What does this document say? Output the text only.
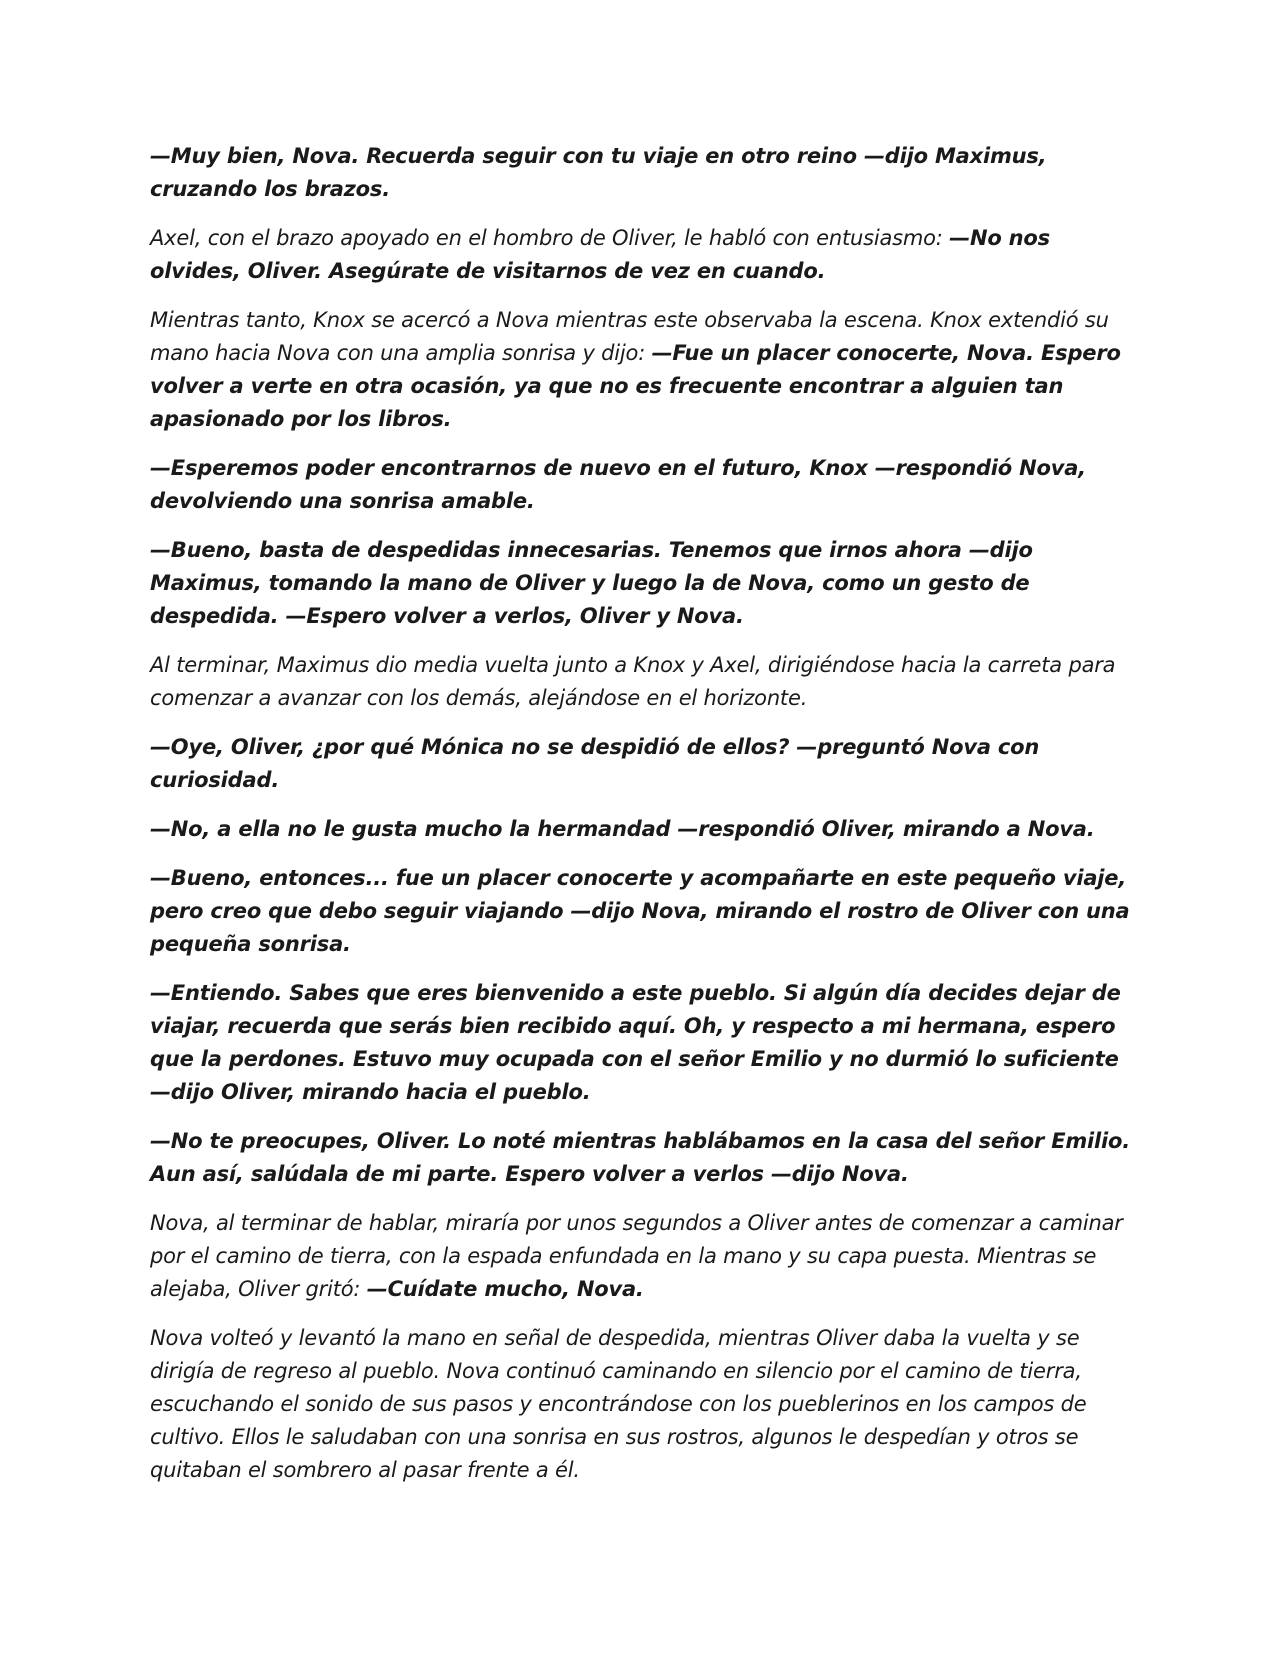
—Muy bien, Nova. Recuerda seguir con tu viaje en otro reino —dijo Maximus, cruzando los brazos.

Axel, con el brazo apoyado en el hombro de Oliver, le habló con entusiasmo: —No nos olvides, Oliver. Asegúrate de visitarnos de vez en cuando.

Mientras tanto, Knox se acercó a Nova mientras este observaba la escena. Knox extendió su mano hacia Nova con una amplia sonrisa y dijo: —Fue un placer conocerte, Nova. Espero volver a verte en otra ocasión, ya que no es frecuente encontrar a alguien tan apasionado por los libros.

—Esperemos poder encontrarnos de nuevo en el futuro, Knox —respondió Nova, devolviendo una sonrisa amable.

—Bueno, basta de despedidas innecesarias. Tenemos que irnos ahora —dijo Maximus, tomando la mano de Oliver y luego la de Nova, como un gesto de despedida. —Espero volver a verlos, Oliver y Nova.

Al terminar, Maximus dio media vuelta junto a Knox y Axel, dirigiéndose hacia la carreta para comenzar a avanzar con los demás, alejándose en el horizonte.

—Oye, Oliver, ¿por qué Mónica no se despidió de ellos? —preguntó Nova con curiosidad.

—No, a ella no le gusta mucho la hermandad —respondió Oliver, mirando a Nova.

—Bueno, entonces... fue un placer conocerte y acompañarte en este pequeño viaje, pero creo que debo seguir viajando —dijo Nova, mirando el rostro de Oliver con una pequeña sonrisa.

—Entiendo. Sabes que eres bienvenido a este pueblo. Si algún día decides dejar de viajar, recuerda que serás bien recibido aquí. Oh, y respecto a mi hermana, espero que la perdones. Estuvo muy ocupada con el señor Emilio y no durmió lo suficiente —dijo Oliver, mirando hacia el pueblo.

—No te preocupes, Oliver. Lo noté mientras hablábamos en la casa del señor Emilio. Aun así, salúdala de mi parte. Espero volver a verlos —dijo Nova.

Nova, al terminar de hablar, miraría por unos segundos a Oliver antes de comenzar a caminar por el camino de tierra, con la espada enfundada en la mano y su capa puesta. Mientras se alejaba, Oliver gritó: —Cuídate mucho, Nova.

Nova volteó y levantó la mano en señal de despedida, mientras Oliver daba la vuelta y se dirigía de regreso al pueblo. Nova continuó caminando en silencio por el camino de tierra, escuchando el sonido de sus pasos y encontrándose con los pueblerinos en los campos de cultivo. Ellos le saludaban con una sonrisa en sus rostros, algunos le despedían y otros se quitaban el sombrero al pasar frente a él.
